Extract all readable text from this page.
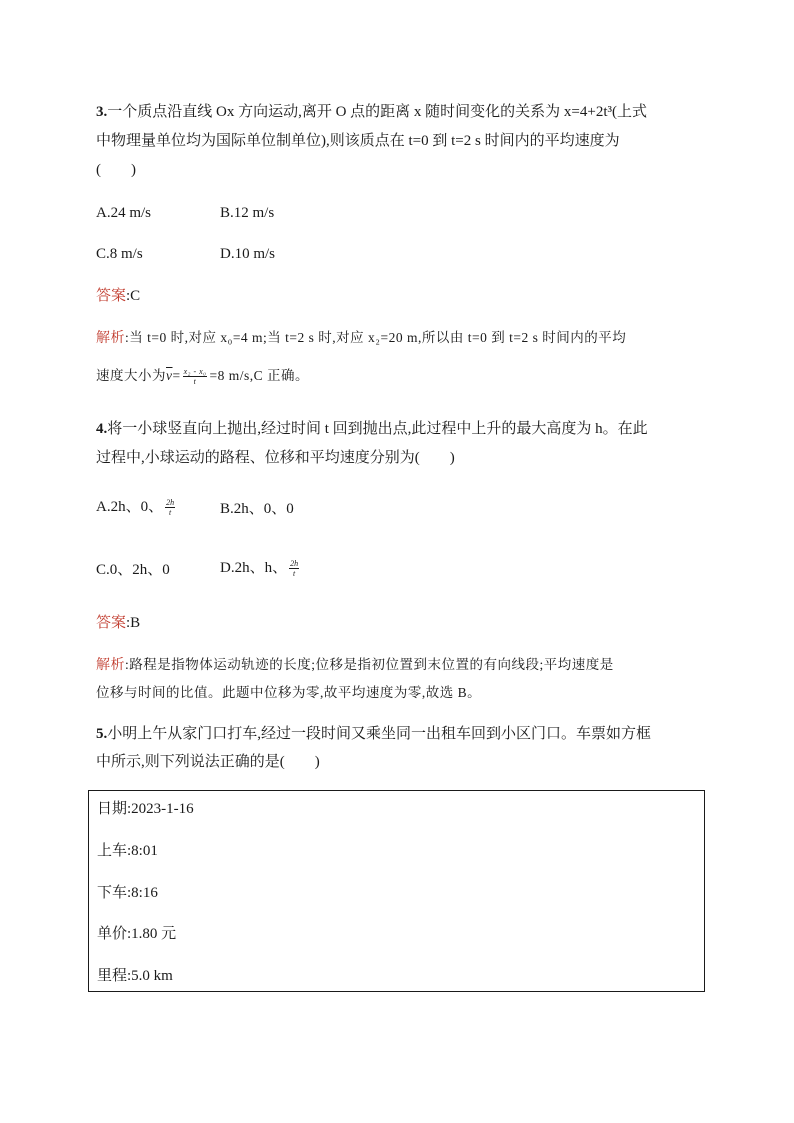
3.一个质点沿直线 Ox 方向运动,离开 O 点的距离 x 随时间变化的关系为 x=4+2t³(上式
中物理量单位均为国际单位制单位),则该质点在 t=0 到 t=2 s 时间内的平均速度为
(　　)
A.24 m/s	B.12 m/s
C.8 m/s	D.10 m/s
答案:C
解析:当 t=0 时,对应 x₀=4 m;当 t=2 s 时,对应 x₂=20 m,所以由 t=0 到 t=2 s 时间内的平均
速度大小为$\overline{v}= \frac{\text{x₂ - x₀}}{t} =8$ m/s,C 正确。
4.将一小球竖直向上抛出,经过时间 t 回到抛出点,此过程中上升的最大高度为 h。在此
过程中,小球运动的路程、位移和平均速度分别为(　　)
A.2h、0、 $\frac{2h}{t}$	B.2h、0、0
C.0、2h、0	D.2h、h、 $\frac{2h}{t}$
答案:B
解析:路程是指物体运动轨迹的长度;位移是指初位置到末位置的有向线段;平均速度是
位移与时间的比值。此题中位移为零,故平均速度为零,故选 B。
5.小明上午从家门口打车,经过一段时间又乘坐同一出租车回到小区门口。车票如方框
中所示,则下列说法正确的是(　　)
日期:2023-1-16
上车:8:01
下车:8:16
单价:1.80 元
里程:5.0 km
